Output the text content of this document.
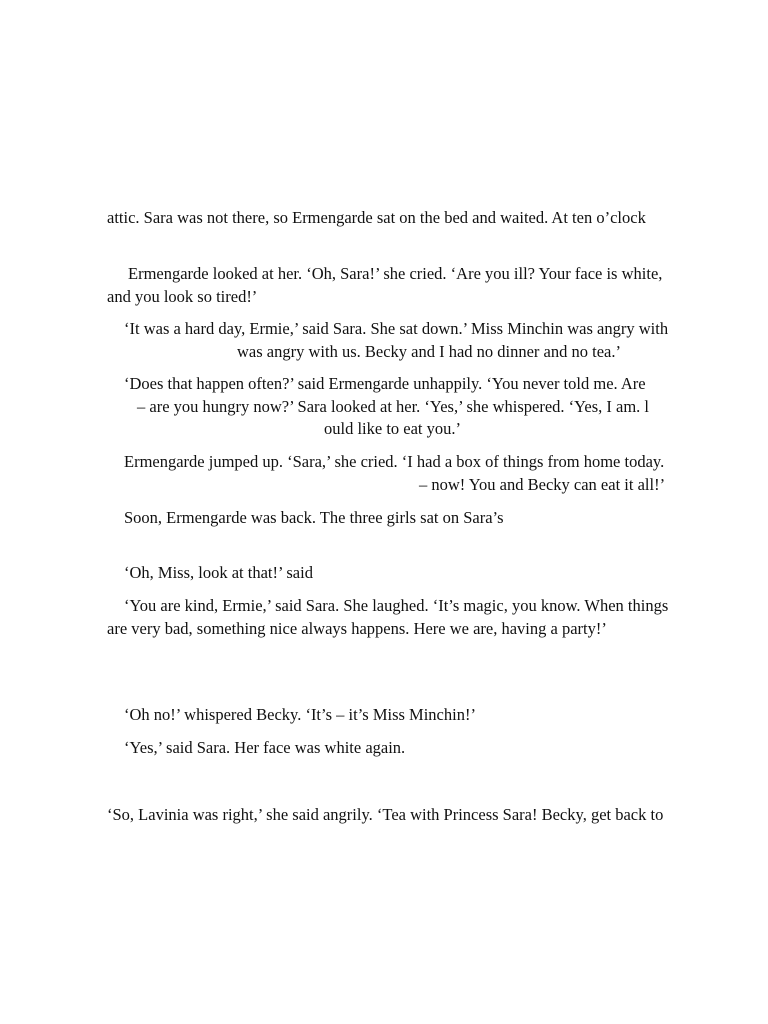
attic. Sara was not there, so Ermengarde sat on the bed and waited. At ten o’clock
Ermengarde looked at her. ‘Oh, Sara!’ she cried. ‘Are you ill? Your face is white,
and you look so tired!’
‘It was a hard day, Ermie,’ said Sara. She sat down.’ Miss Minchin was angry with
was angry with us. Becky and I had no dinner and no tea.’
‘Does that happen often?’ said Ermengarde unhappily. ‘You never told me. Are
– are you hungry now?’ Sara looked at her. ‘Yes,’ she whispered. ‘Yes, I am. l
ould like to eat you.’
Ermengarde jumped up. ‘Sara,’ she cried. ‘I had a box of things from home today.
– now! You and Becky can eat it all!’
Soon, Ermengarde was back. The three girls sat on Sara’s
‘Oh, Miss, look at that!’ said
‘You are kind, Ermie,’ said Sara. She laughed. ‘It’s magic, you know. When things
are very bad, something nice always happens. Here we are, having a party!’
‘Oh no!’ whispered Becky. ‘It’s – it’s Miss Minchin!’
‘Yes,’ said Sara. Her face was white again.
‘So, Lavinia was right,’ she said angrily. ‘Tea with Princess Sara! Becky, get back to
